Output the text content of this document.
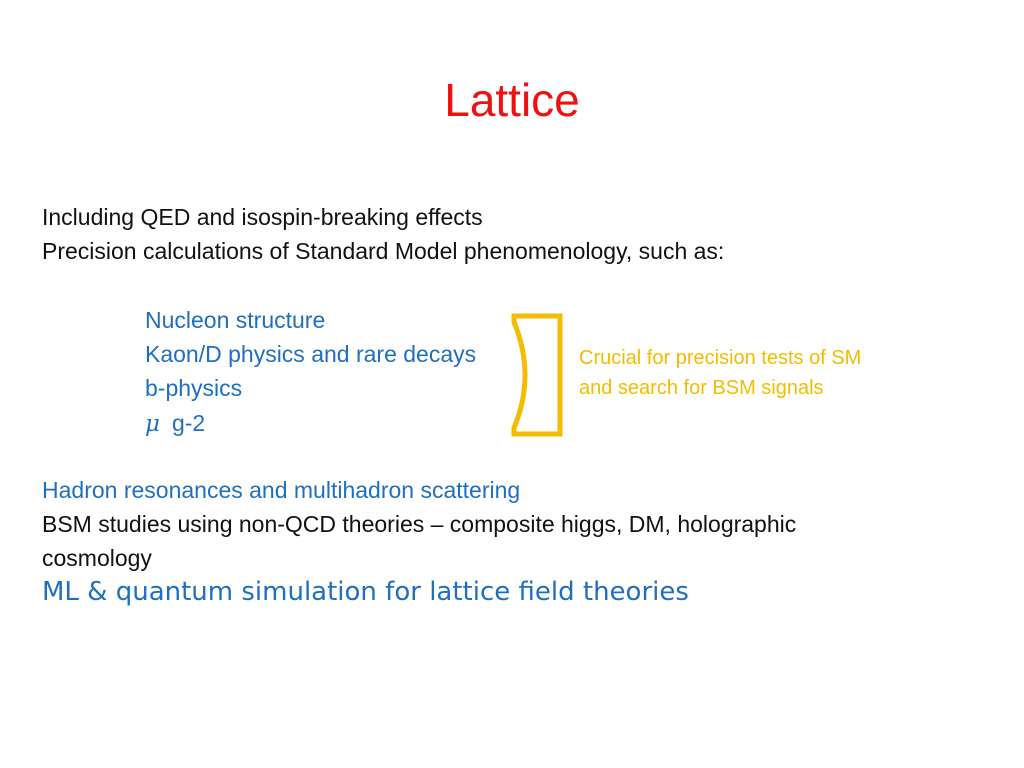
Lattice
Including QED and isospin-breaking effects
Precision calculations of Standard Model phenomenology, such as:
Nucleon structure
Kaon/D physics and rare decays
b-physics
μ g-2
Crucial for precision tests of SM
and search for BSM signals
Hadron resonances and multihadron scattering
BSM studies using non-QCD theories – composite higgs, DM, holographic
cosmology
ML & quantum simulation for lattice field theories
